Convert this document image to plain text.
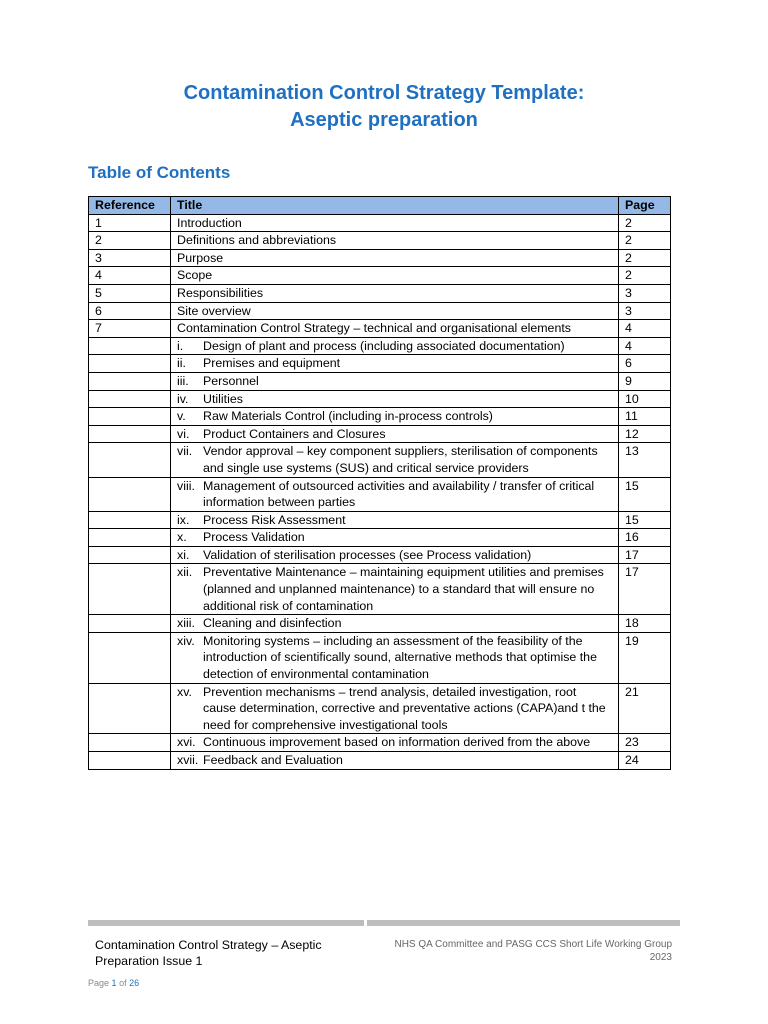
Contamination Control Strategy Template:
Aseptic preparation
Table of Contents
Reference	Title	Page
1	Introduction	2
2	Definitions and abbreviations	2
3	Purpose	2
4	Scope	2
5	Responsibilities	3
6	Site overview	3
7	Contamination Control Strategy – technical and organisational elements	4

	i. Design of plant and process (including associated documentation)	4

	ii. Premises and equipment	6

	iii. Personnel	9

	iv. Utilities	10

	v. Raw Materials Control (including in-process controls)	11

	vi. Product Containers and Closures	12

	vii. Vendor approval – key component suppliers, sterilisation of components and single use systems (SUS) and critical service providers	13

	viii. Management of outsourced activities and availability / transfer of critical information between parties	15

	ix. Process Risk Assessment	15

	x. Process Validation	16

	xi. Validation of sterilisation processes (see Process validation)	17

	xii. Preventative Maintenance – maintaining equipment utilities and premises (planned and unplanned maintenance) to a standard that will ensure no additional risk of contamination	17

	xiii. Cleaning and disinfection	18

	xiv. Monitoring systems – including an assessment of the feasibility of the introduction of scientifically sound, alternative methods that optimise the detection of environmental contamination	19

	xv. Prevention mechanisms – trend analysis, detailed investigation, root cause determination, corrective and preventative actions (CAPA)and t the need for comprehensive investigational tools	21

	xvi. Continuous improvement based on information derived from the above	23

	xvii. Feedback and Evaluation	24
Contamination Control Strategy – Aseptic Preparation Issue 1
NHS QA Committee and PASG CCS Short Life Working Group
2023
Page 1 of 26
